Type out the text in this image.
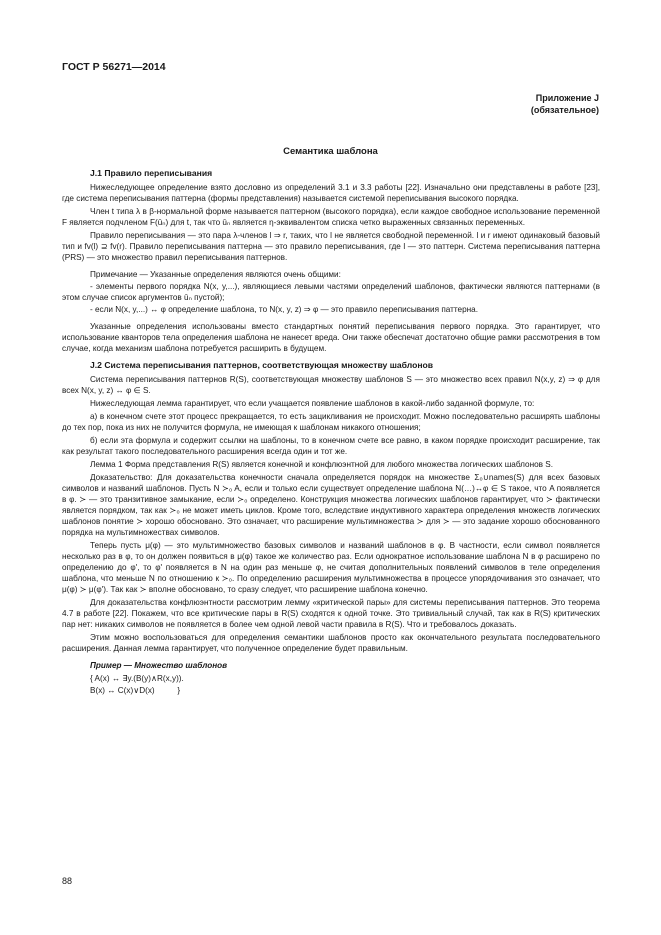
ГОСТ Р 56271—2014
Приложение J
(обязательное)
Семантика шаблона

J.1 Правило переписывания

Нижеследующее определение взято дословно из определений 3.1 и 3.3 работы [22]. Изначально они представлены в работе [23], где система переписывания паттерна (формы представления) называется системой переписывания высокого порядка.

Член t типа λ в β-нормальной форме называется паттерном (высокого порядка), если каждое свободное использование переменной F является подчленом F(ūₙ) для t, так что ūₙ является η-эквивалентом списка четко выраженных связанных переменных.

Правило переписывания — это пара λ-членов l ⇒ r, таких, что l не является свободной переменной. l и r имеют одинаковый базовый тип и fv(l) ⊇ fv(r). Правило переписывания паттерна — это правило переписывания, где l — это паттерн. Система переписывания паттерна (PRS) — это множество правил переписывания паттернов.

Примечание — Указанные определения являются очень общими:

- элементы первого порядка N(x, y,...), являющиеся левыми частями определений шаблонов, фактически являются паттернами (в этом случае список аргументов ūₙ пустой);

- если N(x, y,...) ↔ φ определение шаблона, то N(x, y, z) ⇒ φ — это правило переписывания паттерна.

Указанные определения использованы вместо стандартных понятий переписывания первого порядка. Это гарантирует, что использование кванторов тела определения шаблона не нанесет вреда. Они также обеспечат достаточно общие рамки рассмотрения в том случае, когда механизм шаблона потребуется расширить в будущем.

J.2 Система переписывания паттернов, соответствующая множеству шаблонов

Система переписывания паттернов R(S), соответствующая множеству шаблонов S — это множество всех правил N(x,y, z) ⇒ φ для всех N(x, y, z) ↔ φ ∈ S.

Нижеследующая лемма гарантирует, что если учащается появление шаблонов в какой-либо заданной формуле, то:

а) в конечном счете этот процесс прекращается, то есть зацикливания не происходит. Можно последовательно расширять шаблоны до тех пор, пока из них не получится формула, не имеющая к шаблонам никакого отношения;

б) если эта формула и содержит ссылки на шаблоны, то в конечном счете все равно, в каком порядке происходит расширение, так как результат такого последовательного расширения всегда один и тот же.

Лемма 1 Форма представления R(S) является конечной и конфлюэнтной для любого множества логических шаблонов S.

Доказательство: Для доказательства конечности сначала определяется порядок на множестве Σ₀∪names(S) для всех базовых символов и названий шаблонов. Пусть N ≻₀ A, если и только если существует определение шаблона N(…)↔φ ∈ S такое, что A появляется в φ. ≻ — это транзитивное замыкание, если ≻₀ определено. Конструкция множества логических шаблонов гарантирует, что ≻ фактически является порядком, так как ≻₀ не может иметь циклов. Кроме того, вследствие индуктивного характера определения множеств логических шаблонов понятие ≻ хорошо обосновано. Это означает, что расширение мультимножества ≻ для ≻ — это задание хорошо обоснованного порядка на мультимножествах символов.

Теперь пусть μ(φ) — это мультимножество базовых символов и названий шаблонов в φ. В частности, если символ появляется несколько раз в φ, то он должен появиться в μ(φ) такое же количество раз. Если однократное использование шаблона N в φ расширено по определению до φ', то φ' появляется в N на один раз меньше φ, не считая дополнительных появлений символов в теле определения шаблона, что меньше N по отношению к ≻₀. По определению расширения мультимножества в процессе упорядочивания это означает, что μ(φ) ≻ μ(φ'). Так как ≻ вполне обосновано, то сразу следует, что расширение шаблона конечно.

Для доказательства конфлюэнтности рассмотрим лемму «критической пары» для системы переписывания паттернов. Это теорема 4.7 в работе [22]. Покажем, что все критические пары в R(S) сходятся к одной точке. Это тривиальный случай, так как в R(S) критических пар нет: никаких символов не появляется в более чем одной левой части правила в R(S). Что и требовалось доказать.

Этим можно воспользоваться для определения семантики шаблонов просто как окончательного результата последовательного расширения. Данная лемма гарантирует, что полученное определение будет правильным.

Пример — Множество шаблонов

{ A(x) ↔ ∃y.(B(y)∧R(x,y)).

B(x) ↔ C(x)∨D(x)          }

88
